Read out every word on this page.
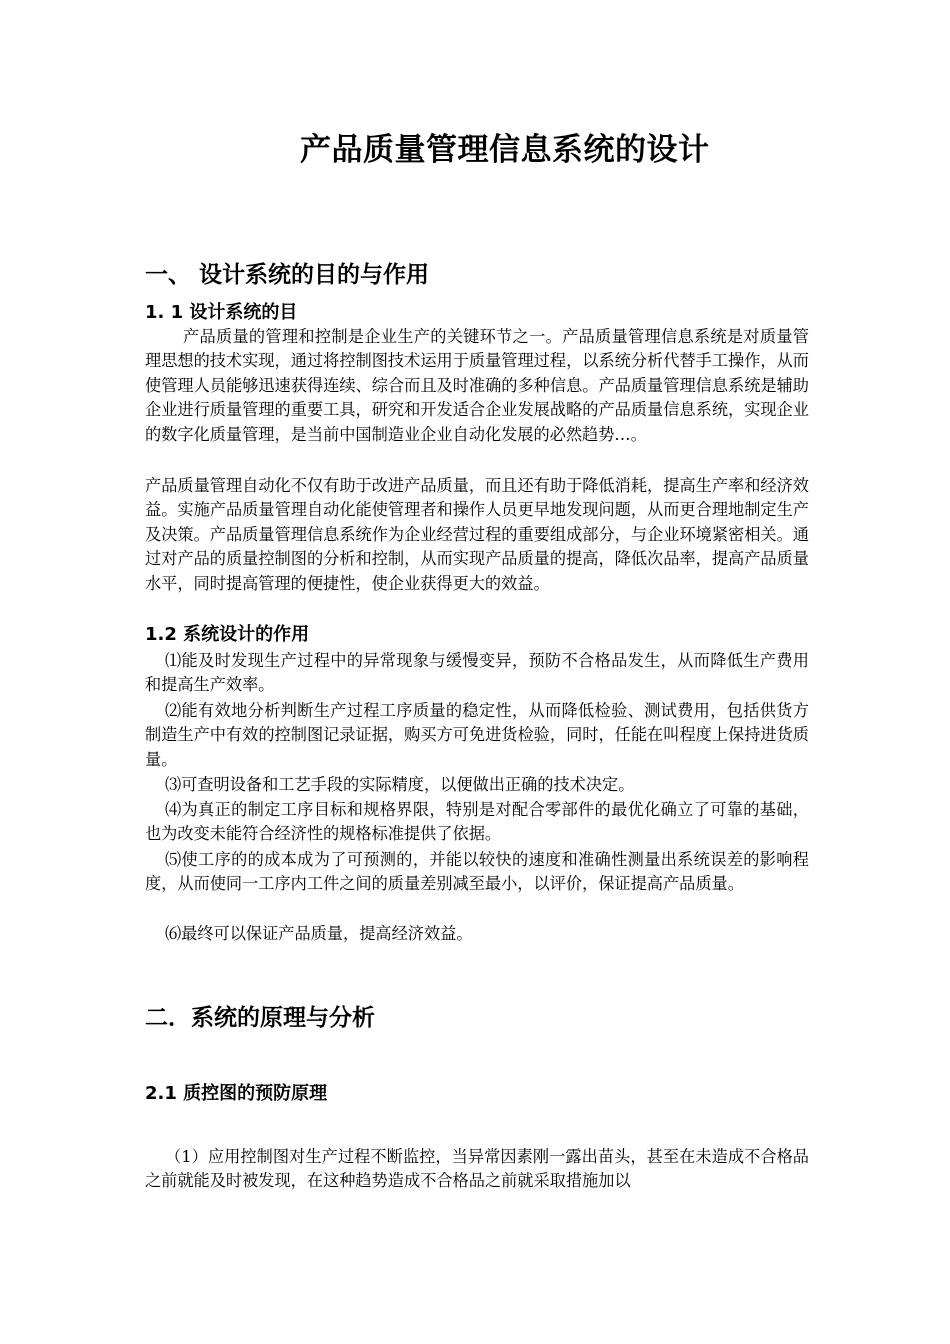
产品质量管理信息系统的设计
一、 设计系统的目的与作用
1. 1 设计系统的目

产品质量的管理和控制是企业生产的关键环节之一。产品质量管理信息系统是对质量管理思想的技术实现，通过将控制图技术运用于质量管理过程，以系统分析代替手工操作，从而使管理人员能够迅速获得连续、综合而且及时准确的多种信息。产品质量管理信息系统是辅助企业进行质量管理的重要工具，研究和开发适合企业发展战略的产品质量信息系统，实现企业的数字化质量管理，是当前中国制造业企业自动化发展的必然趋势…。

产品质量管理自动化不仅有助于改进产品质量，而且还有助于降低消耗，提高生产率和经济效益。实施产品质量管理自动化能使管理者和操作人员更早地发现问题，从而更合理地制定生产及决策。产品质量管理信息系统作为企业经营过程的重要组成部分，与企业环境紧密相关。通过对产品的质量控制图的分析和控制，从而实现产品质量的提高，降低次品率，提高产品质量水平，同时提高管理的便捷性，使企业获得更大的效益。

1.2 系统设计的作用

⑴能及时发现生产过程中的异常现象与缓慢变异，预防不合格品发生，从而降低生产费用和提高生产效率。

⑵能有效地分析判断生产过程工序质量的稳定性，从而降低检验、测试费用，包括供货方制造生产中有效的控制图记录证据，购买方可免进货检验，同时，任能在叫程度上保持进货质量。

⑶可查明设备和工艺手段的实际精度，以便做出正确的技术决定。

⑷为真正的制定工序目标和规格界限，特别是对配合零部件的最优化确立了可靠的基础，也为改变未能符合经济性的规格标准提供了依据。

⑸使工序的的成本成为了可预测的，并能以较快的速度和准确性测量出系统误差的影响程度，从而使同一工序内工件之间的质量差别减至最小，以评价，保证提高产品质量。

⑹最终可以保证产品质量，提高经济效益。

二．系统的原理与分析
2.1 质控图的预防原理

（1）应用控制图对生产过程不断监控，当异常因素刚一露出苗头，甚至在未造成不合格品之前就能及时被发现，在这种趋势造成不合格品之前就采取措施加以
